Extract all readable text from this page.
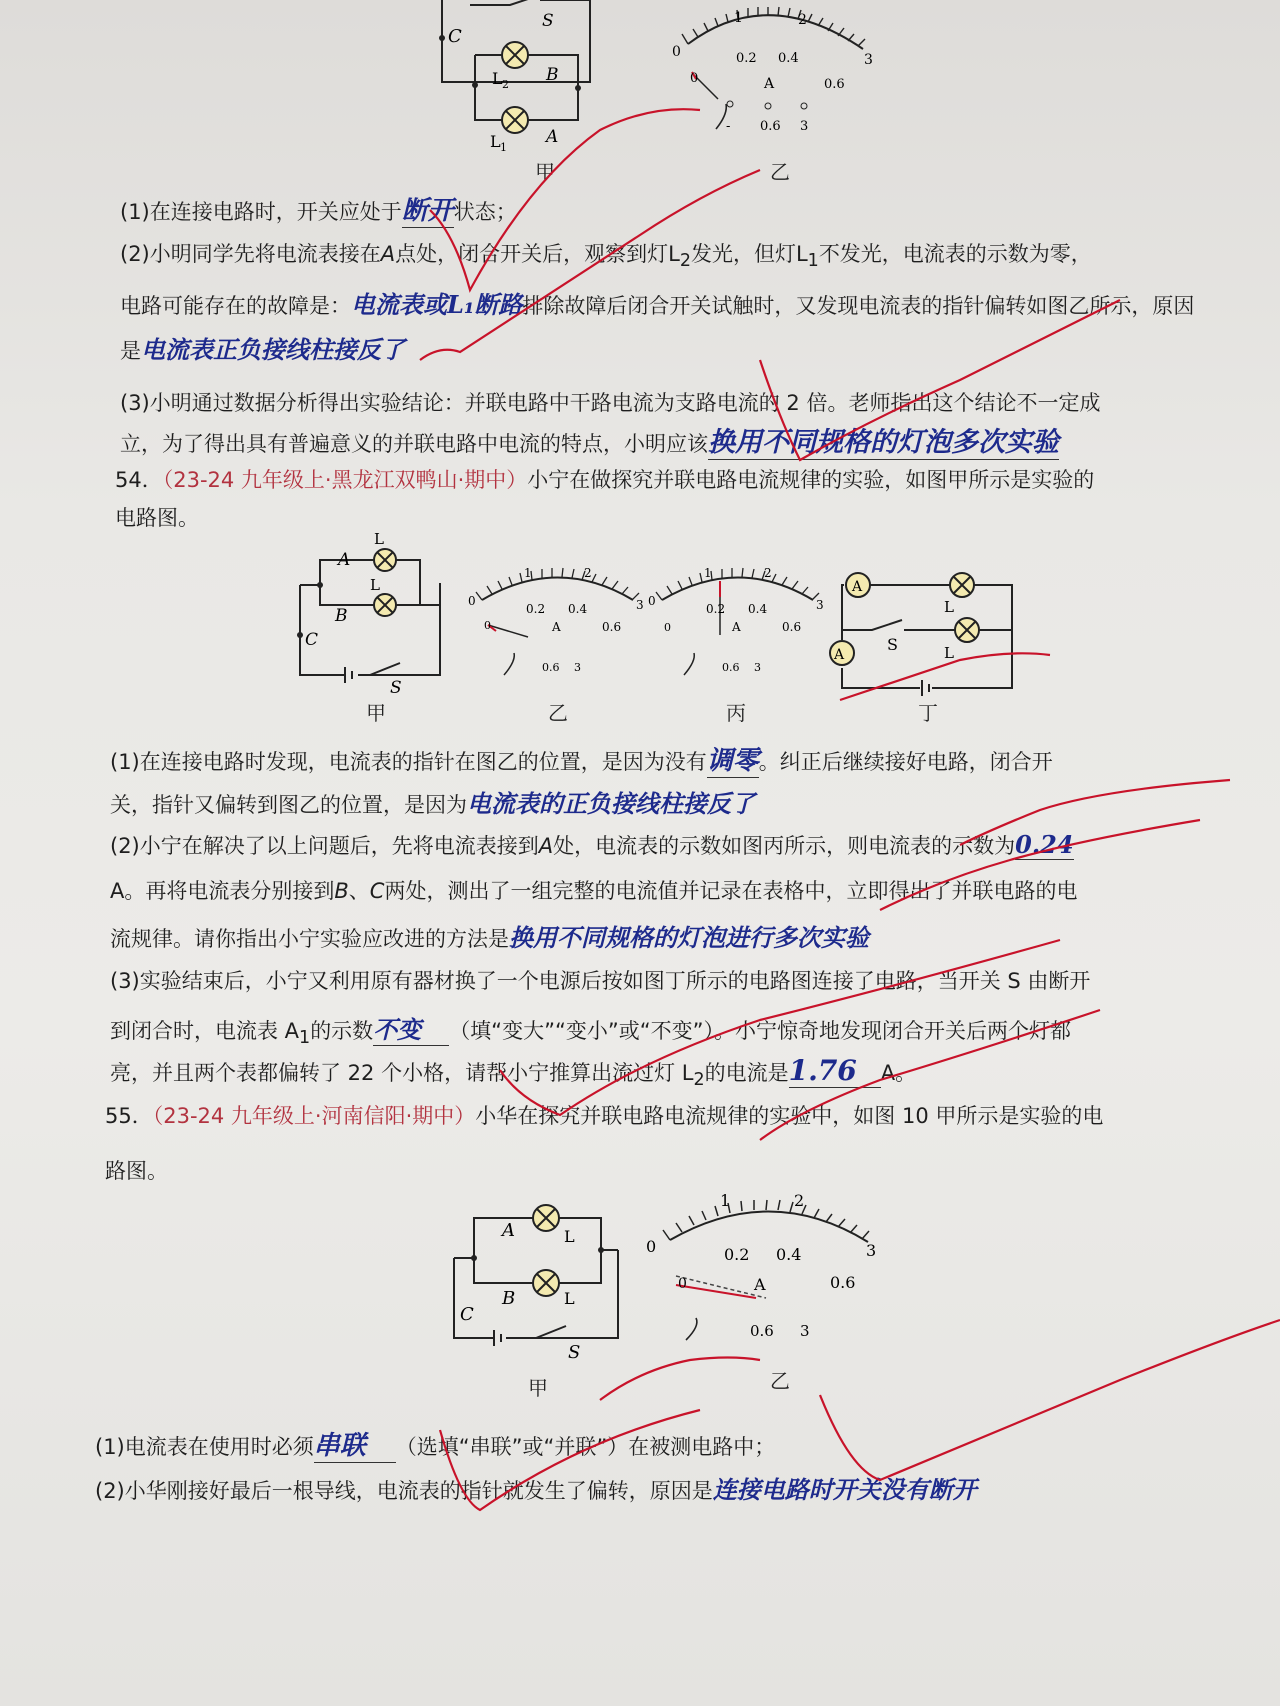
C
S
B
A
L 2
L 1
甲
0
1	2
3
0.2 0.4
0.6
A
0
0.6 3
-
乙
(1)在连接电路时，开关应处于断开状态；
(2)小明同学先将电流表接在A点处，闭合开关后，观察到灯$L_2$发光，但灯$L_1$不发光，电流表的示数为零，
电路可能存在的故障是：电流表或L₁断路排除故障后闭合开关试触时，又发现电流表的指针偏转如图乙所示，原因
是电流表正负接线柱接反了
(3)小明通过数据分析得出实验结论：并联电路中干路电流为支路电流的 2 倍。老师指出这个结论不一定成
立，为了得出具有普遍意义的并联电路中电流的特点，小明应该换用不同规格的灯泡多次实验
54．（23-24 九年级上·黑龙江双鸭山·期中）小宁在做探究并联电路电流规律的实验，如图甲所示是实验的
电路图。
A
B
C
S
L
L
甲
0
1	2
3
0.2 0.4
0.6
A
0
0.6 3
乙
0
1	2
3
0.2 0.4
0.6
A
0
0.6 3
丙
A
A
L
L
S
丁
(1)在连接电路时发现，电流表的指针在图乙的位置，是因为没有调零。纠正后继续接好电路，闭合开
关，指针又偏转到图乙的位置，是因为电流表的正负接线柱接反了
(2)小宁在解决了以上问题后，先将电流表接到A处，电流表的示数如图丙所示，则电流表的示数为0.24
A。再将电流表分别接到B、C两处，测出了一组完整的电流值并记录在表格中，立即得出了并联电路的电
流规律。请你指出小宁实验应改进的方法是换用不同规格的灯泡进行多次实验
(3)实验结束后，小宁又利用原有器材换了一个电源后按如图丁所示的电路图连接了电路，当开关 S 由断开
到闭合时，电流表 $A_1$的示数不变 （填“变大”“变小”或“不变”）。小宁惊奇地发现闭合开关后两个灯都
亮，并且两个表都偏转了 22 个小格，请帮小宁推算出流过灯 $L_2$的电流是1.76 A。
55．（23-24 九年级上·河南信阳·期中）小华在探究并联电路电流规律的实验中，如图 10 甲所示是实验的电
路图。
A
B
C
S
L
L
甲
0
1	2
3
0.2 0.4
0.6
A
0
0.6 3
乙
(1)电流表在使用时必须串联 （选填“串联”或“并联”）在被测电路中；
(2)小华刚接好最后一根导线，电流表的指针就发生了偏转，原因是连接电路时开关没有断开
